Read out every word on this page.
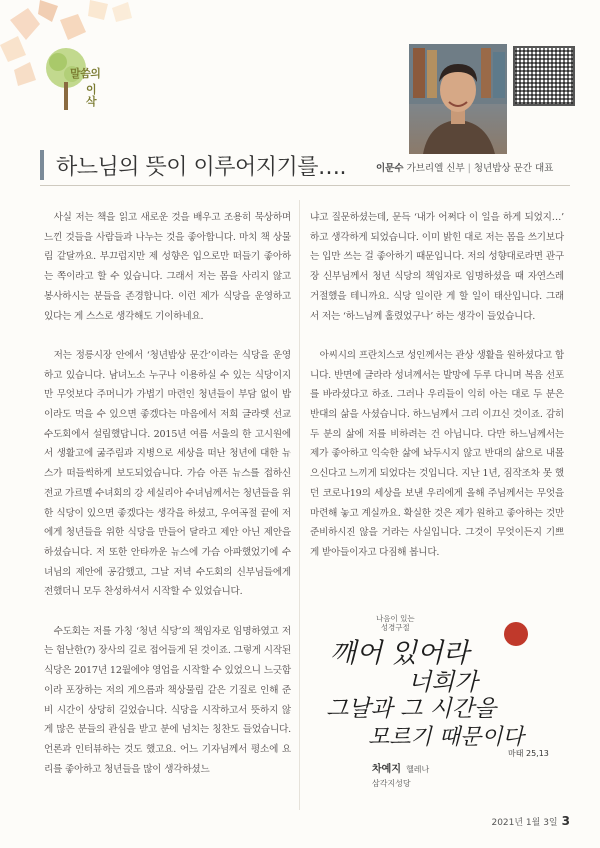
말씀의
이삭
하느님의 뜻이 이루어지기를….	이문수 가브리엘 신부 | 청년밥상 문간 대표

사실 저는 책을 읽고 새로운 것을 배우고 조용히 묵상하며 느낀 것들을 사람들과 나누는 것을 좋아합니다. 마치 책 상물림 같달까요. 부끄럽지만 제 성향은 입으로만 떠들기 좋아하는 쪽이라고 할 수 있습니다. 그래서 저는 몸을 사리지 않고 봉사하시는 분들을 존경합니다. 이런 제가 식당을 운영하고 있다는 게 스스로 생각해도 기이하네요.

저는 정릉시장 안에서 ‘청년밥상 문간’이라는 식당을 운영하고 있습니다. 남녀노소 누구나 이용하실 수 있는 식당이지만 무엇보다 주머니가 가볍기 마련인 청년들이 부담 없이 밥이라도 먹을 수 있으면 좋겠다는 마음에서 저희 글라렛 선교 수도회에서 설립했답니다. 2015년 여름 서울의 한 고시원에서 생활고에 굶주림과 지병으로 세상을 떠난 청년에 대한 뉴스가 떠들썩하게 보도되었습니다. 가슴 아픈 뉴스를 접하신 전교 가르멜 수녀회의 강 세실리아 수녀님께서는 청년들을 위한 식당이 있으면 좋겠다는 생각을 하셨고, 우여곡절 끝에 저에게 청년들을 위한 식당을 만들어 달라고 제안 아닌 제안을 하셨습니다. 저 또한 안타까운 뉴스에 가슴 아파했었기에 수녀님의 제안에 공감했고, 그날 저녁 수도회의 신부님들에게 전했더니 모두 찬성하셔서 시작할 수 있었습니다.

수도회는 저를 가칭 ‘청년 식당’의 책임자로 임명하였고 저는 험난한(?) 장사의 길로 접어들게 된 것이죠. 그렇게 시작된 식당은 2017년 12월에야 영업을 시작할 수 있었으니 느긋함이라 포장하는 저의 게으름과 책상물림 같은 기질로 인해 준비 시간이 상당히 길었습니다. 식당을 시작하고서 뜻하지 않게 많은 분들의 관심을 받고 분에 넘치는 칭찬도 들었습니다. 언론과 인터뷰하는 것도 했고요. 어느 기자님께서 평소에 요리를 좋아하고 청년들을 많이 생각하셨느

냐고 질문하셨는데, 문득 ‘내가 어쩌다 이 일을 하게 되었지…’ 하고 생각하게 되었습니다. 이미 밝힌 대로 저는 몸을 쓰기보다는 입만 쓰는 걸 좋아하기 때문입니다. 저의 성향대로라면 관구장 신부님께서 청년 식당의 책임자로 임명하셨을 때 자연스레 거절했을 테니까요. 식당 일이란 게 할 일이 태산입니다. 그래서 저는 ‘하느님께 홀렸었구나’ 하는 생각이 들었습니다.

아씨시의 프란치스코 성인께서는 관상 생활을 원하셨다고 합니다. 반면에 글라라 성녀께서는 발망에 두루 다니며 복음 선포를 바라셨다고 하죠. 그러나 우리들이 익히 아는 대로 두 분은 반대의 삶을 사셨습니다. 하느님께서 그리 이끄신 것이죠. 감히 두 분의 삶에 저를 비하려는 건 아닙니다. 다만 하느님께서는 제가 좋아하고 익숙한 삶에 놔두시지 않고 반대의 삶으로 내몰으신다고 느끼게 되었다는 것입니다. 지난 1년, 짐작조차 못 했던 코로나19의 세상을 보낸 우리에게 올해 주님께서는 무엇을 마련해 놓고 계실까요. 확실한 것은 제가 원하고 좋아하는 것만 준비하시진 않을 거라는 사실입니다. 그것이 무엇이든지 기쁘게 받아들이자고 다짐해 봅니다.

나음이 있는
성경구절
깨어 있어라
너희가
그날과 그 시간을
모르기 때문이다
마태 25,13
차예지 헬레나
삼각지성당
2021년 1월 3일 3
